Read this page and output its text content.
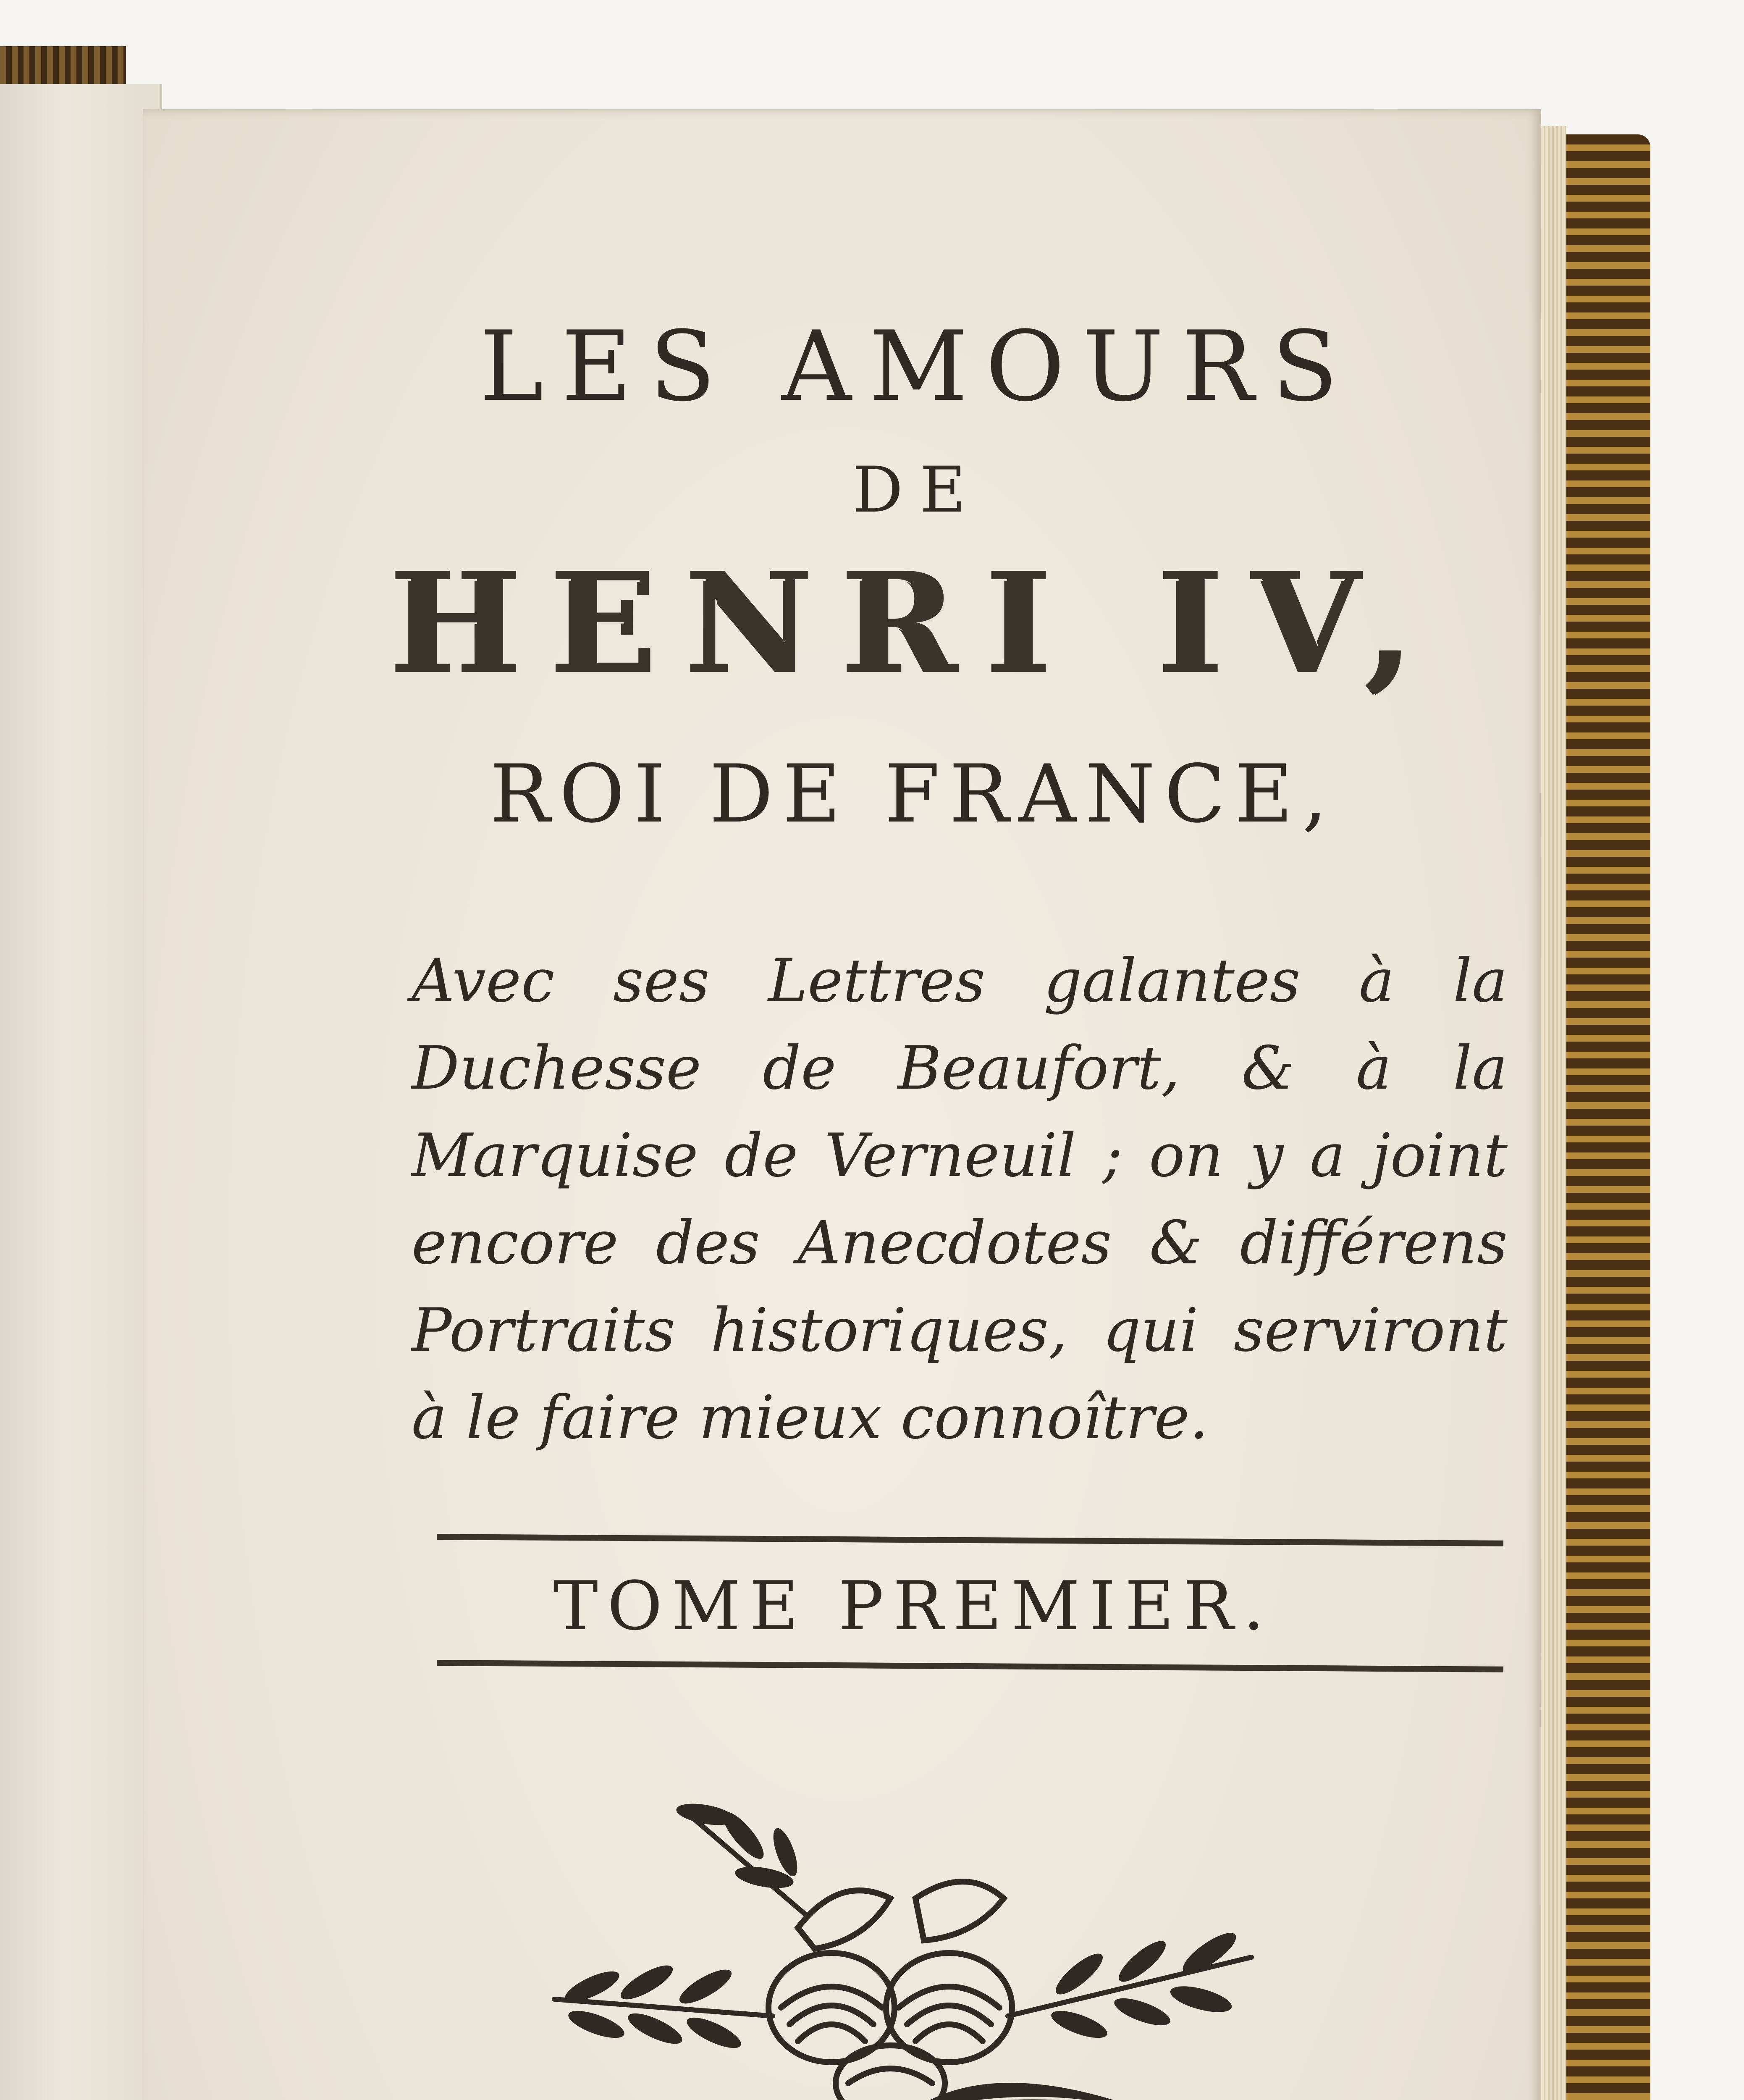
LES AMOURS

DE

HENRI IV,

ROI DE FRANCE,

Avec ses Lettres galantes à la Duchesse de Beaufort, & à la Marquise de Verneuil ; on y a joint encore des Anecdotes & différens Portraits historiques, qui serviront à le faire mieux connoître.

TOME PREMIER.
